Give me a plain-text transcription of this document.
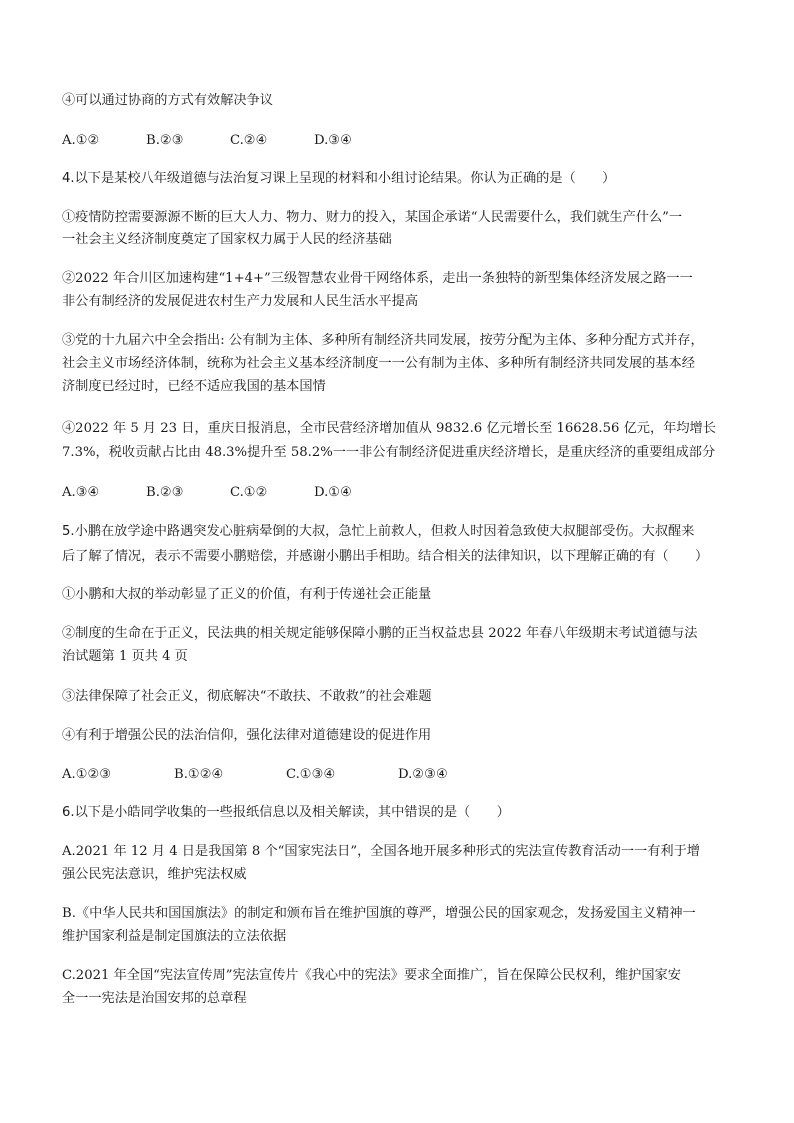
④可以通过协商的方式有效解决争议
A.①②	B.②③	C.②④	D.③④
4.以下是某校八年级道德与法治复习课上呈现的材料和小组讨论结果。你认为正确的是（　　）
①疫情防控需要源源不断的巨大人力、物力、财力的投入，某国企承诺“人民需要什么，我们就生产什么”一
一社会主义经济制度奠定了国家权力属于人民的经济基础
②2022 年合川区加速构建“1+4+”三级智慧农业骨干网络体系，走出一条独特的新型集体经济发展之路一一
非公有制经济的发展促进农村生产力发展和人民生活水平提高
③党的十九届六中全会指出: 公有制为主体、多种所有制经济共同发展，按劳分配为主体、多种分配方式并存，
社会主义市场经济体制，统称为社会主义基本经济制度一一公有制为主体、多种所有制经济共同发展的基本经
济制度已经过时，已经不适应我国的基本国情
④2022 年 5 月 23 日，重庆日报消息，全市民营经济增加值从 9832.6 亿元增长至 16628.56 亿元，年均增长
7.3%，税收贡献占比由 48.3%提升至 58.2%一一非公有制经济促进重庆经济增长，是重庆经济的重要组成部分
A.③④	B.②③	C.①②	D.①④
5.小鹏在放学途中路遇突发心脏病晕倒的大叔，急忙上前救人，但救人时因着急致使大叔腿部受伤。大叔醒来
后了解了情况，表示不需要小鹏赔偿，并感谢小鹏出手相助。结合相关的法律知识，以下理解正确的有（　　）
①小鹏和大叔的举动彰显了正义的价值，有利于传递社会正能量
②制度的生命在于正义，民法典的相关规定能够保障小鹏的正当权益忠县 2022 年春八年级期末考试道德与法
治试题第 1 页共 4 页
③法律保障了社会正义，彻底解决“不敢扶、不敢救”的社会难题
④有利于增强公民的法治信仰，强化法律对道德建设的促进作用
A.①②③	B.①②④	C.①③④	D.②③④
6.以下是小皓同学收集的一些报纸信息以及相关解读，其中错误的是（　　）
A.2021 年 12 月 4 日是我国第 8 个“国家宪法日”，全国各地开展多种形式的宪法宣传教育活动一一有利于增
强公民宪法意识，维护宪法权威
B.《中华人民共和国国旗法》的制定和颁布旨在维护国旗的尊严，增强公民的国家观念，发扬爱国主义精神一
维护国家利益是制定国旗法的立法依据
C.2021 年全国“宪法宣传周”宪法宣传片《我心中的宪法》要求全面推广，旨在保障公民权利，维护国家安
全一一宪法是治国安邦的总章程
